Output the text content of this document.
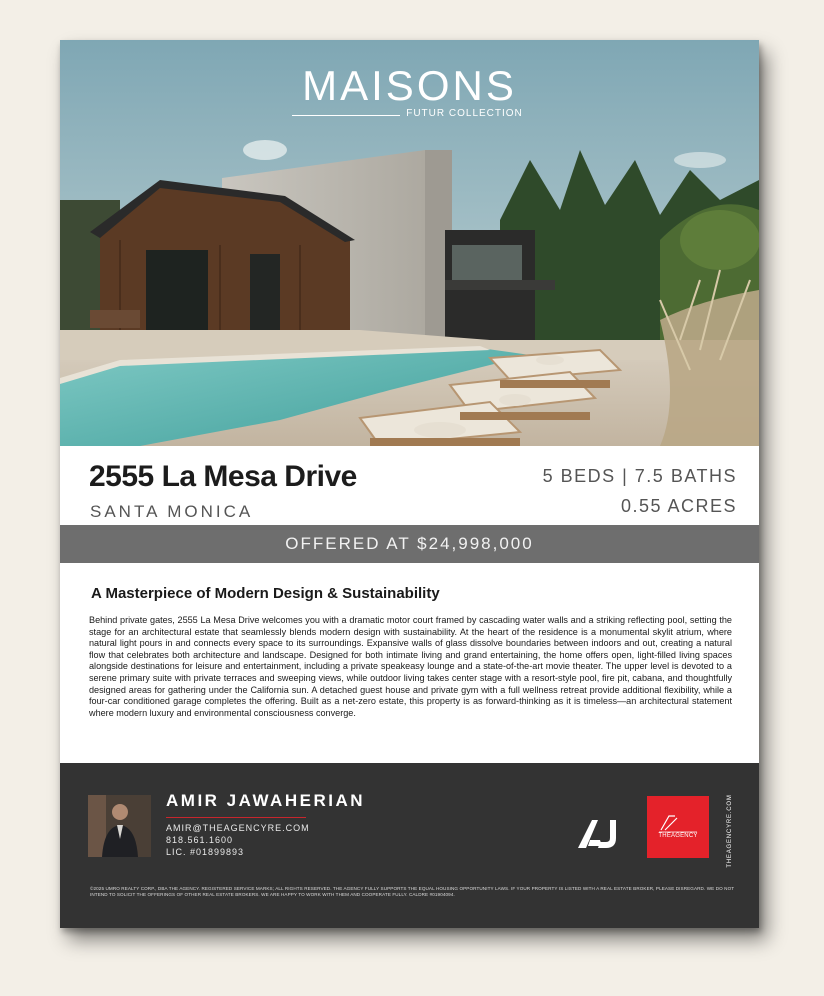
MAISONS
FUTUR COLLECTION
2555 La Mesa Drive
SANTA MONICA
5 BEDS | 7.5 BATHS
0.55 ACRES
OFFERED AT $24,998,000
A Masterpiece of Modern Design & Sustainability
Behind private gates, 2555 La Mesa Drive welcomes you with a dramatic motor court framed by cascading water walls and a striking reflecting pool, setting the stage for an architectural estate that seamlessly blends modern design with sustainability. At the heart of the residence is a monumental skylit atrium, where natural light pours in and connects every space to its surroundings. Expansive walls of glass dissolve boundaries between indoors and out, creating a natural flow that celebrates both architecture and landscape. Designed for both intimate living and grand entertaining, the home offers open, light-filled living spaces alongside destinations for leisure and entertainment, including a private speakeasy lounge and a state-of-the-art movie theater. The upper level is devoted to a serene primary suite with private terraces and sweeping views, while outdoor living takes center stage with a resort-style pool, fire pit, cabana, and thoughtfully designed areas for gathering under the California sun. A detached guest house and private gym with a full wellness retreat provide additional flexibility, while a four-car conditioned garage completes the offering. Built as a net-zero estate, this property is as forward-thinking as it is timeless—an architectural statement where modern luxury and environmental consciousness converge.
AMIR JAWAHERIAN
AMIR@THEAGENCYRE.COM
818.561.1600
LIC. #01899893
THEAGENCY	THEAGENCYRE.COM
©2025 UMRO REALTY CORP., DBA THE AGENCY. REGISTERED SERVICE MARKS; ALL RIGHTS RESERVED. THE AGENCY FULLY SUPPORTS THE EQUAL HOUSING OPPORTUNITY LAWS. IF YOUR PROPERTY IS LISTED WITH A REAL ESTATE BROKER, PLEASE DISREGARD. WE DO NOT INTEND TO SOLICIT THE OFFERINGS OF OTHER REAL ESTATE BROKERS. WE ARE HAPPY TO WORK WITH THEM AND COOPERATE FULLY. CALDRE #01904094.
